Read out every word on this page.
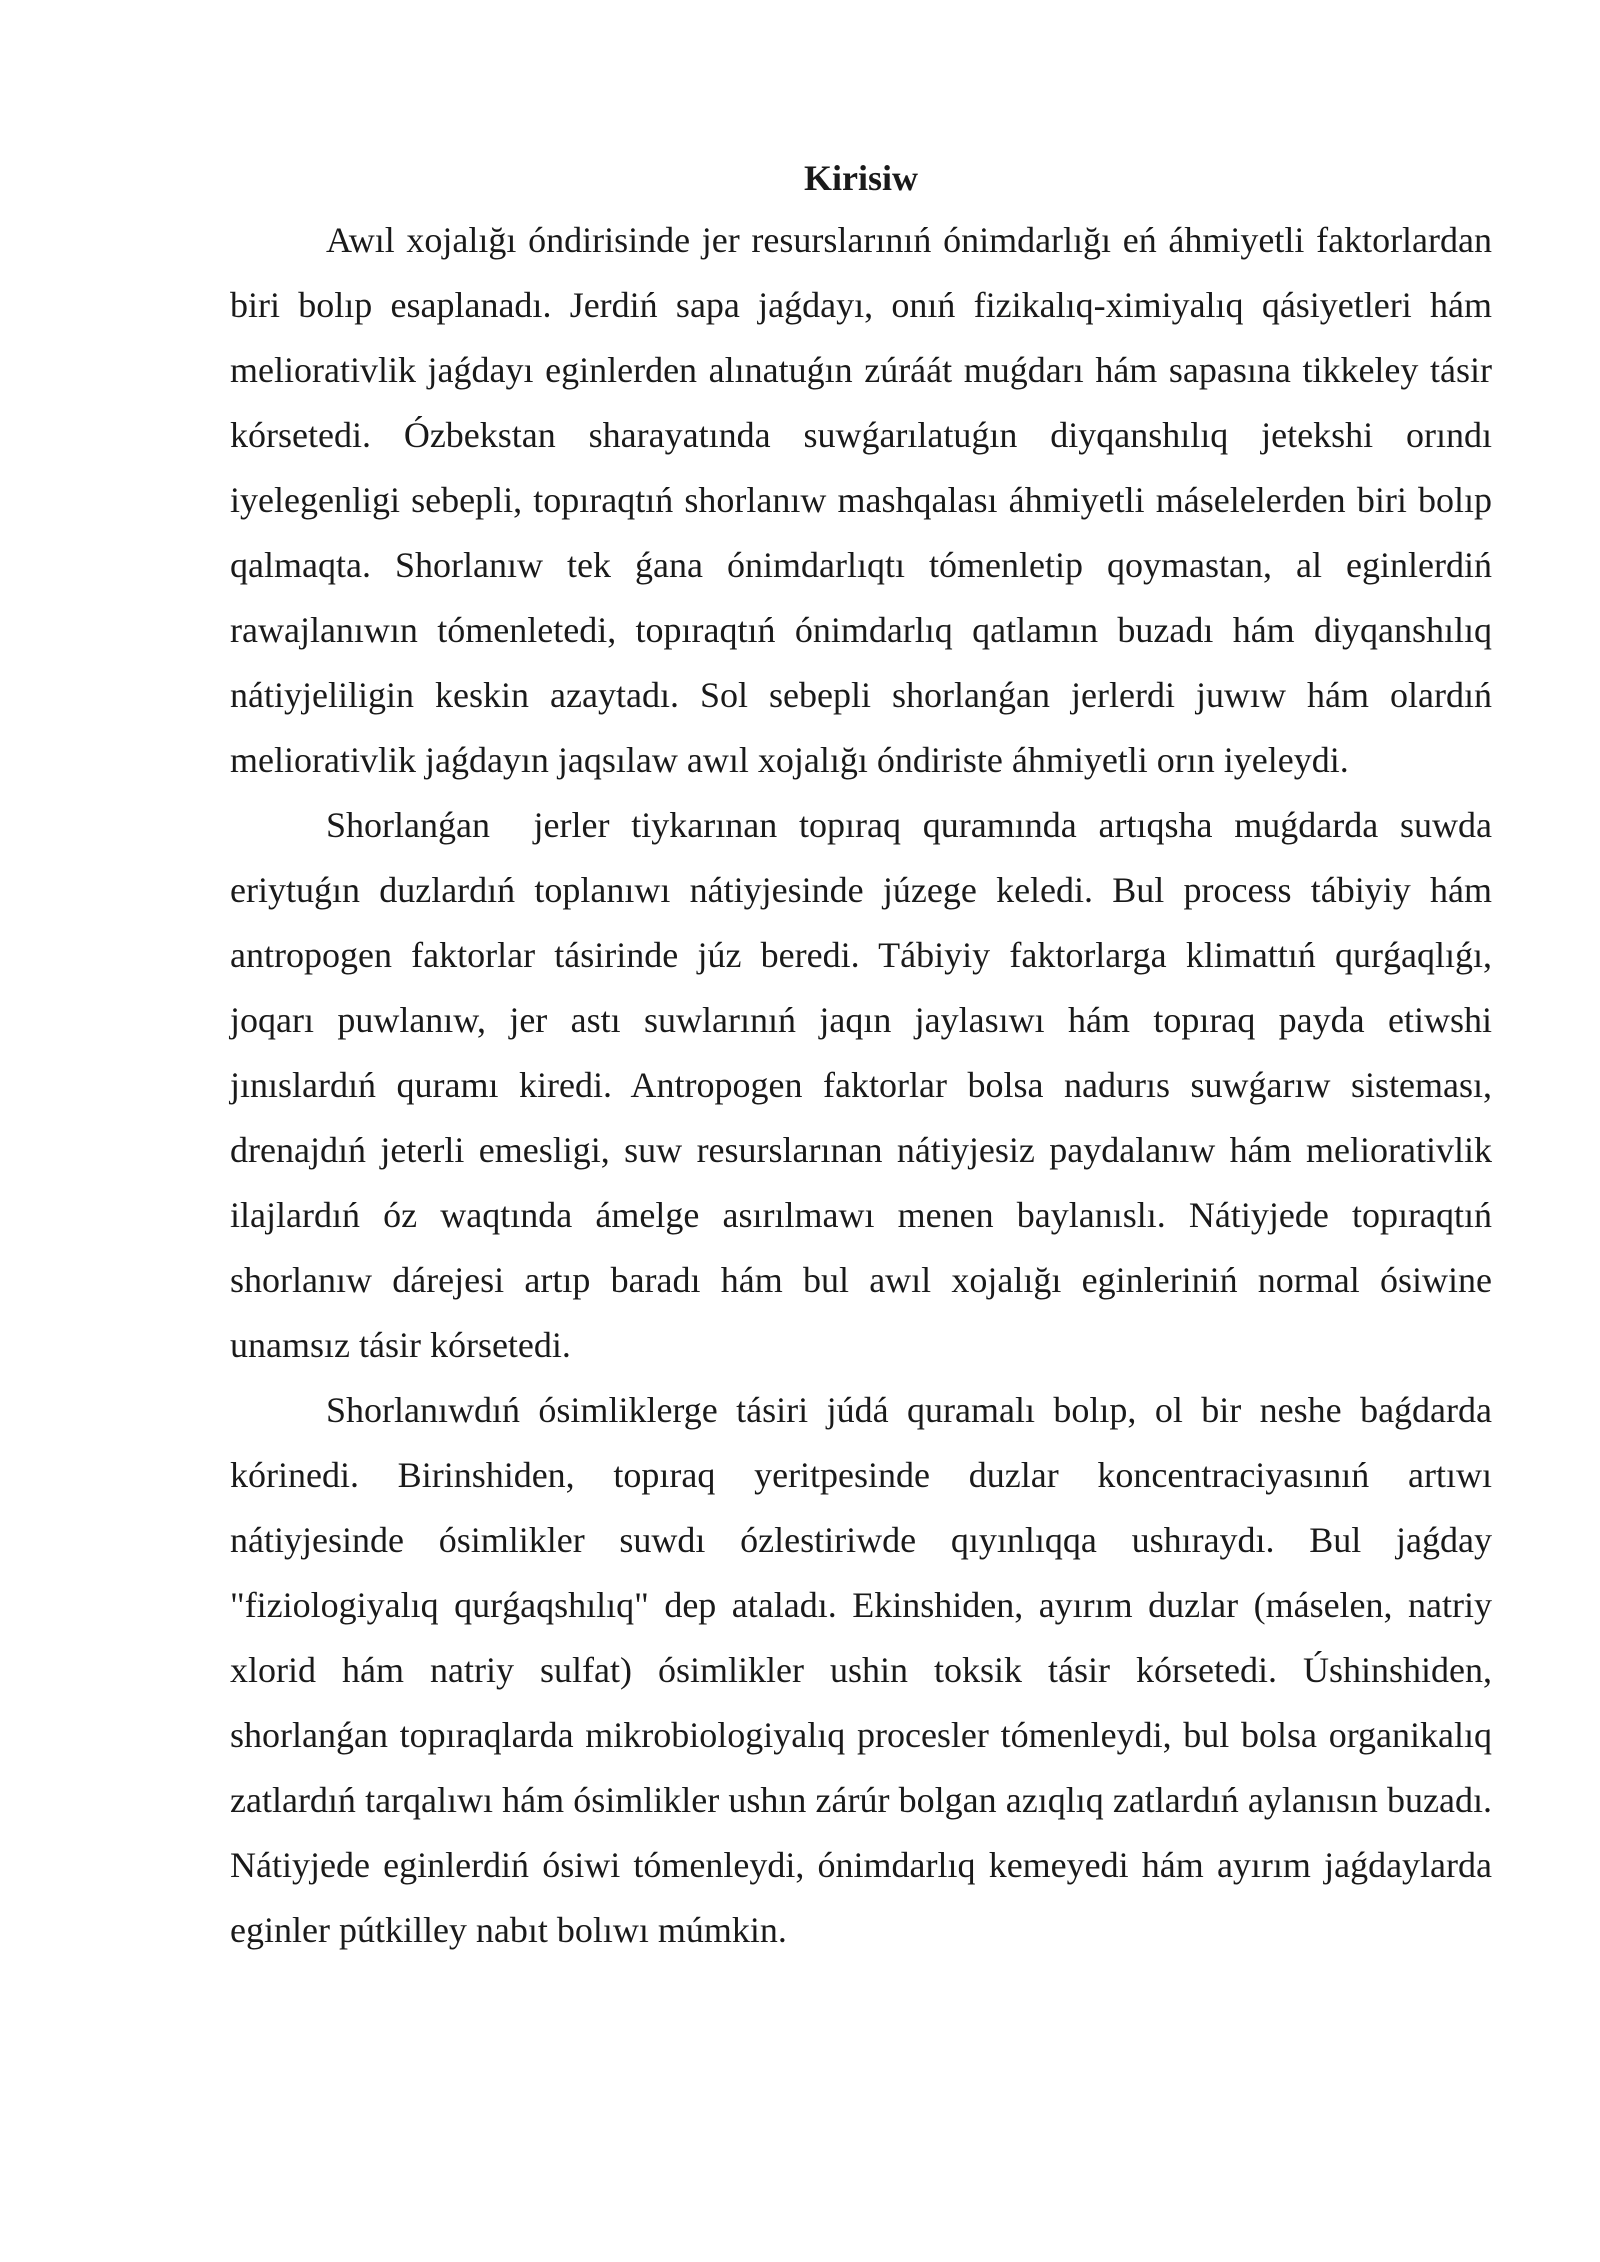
Kirisiw

Awıl xojalığı óndirisinde jer resurslarınıń ónimdarlığı eń áhmiyetli faktorlardan biri bolıp esaplanadı. Jerdiń sapa jaǵdayı, onıń fizikalıq-ximiyalıq qásiyetleri hám meliorativlik jaǵdayı eginlerden alınatuǵın zúráát muǵdarı hám sapasına tikkeley tásir kórsetedi. Ózbekstan sharayatında suwǵarılatuǵın diyqanshılıq jetekshi orındı iyelegenligi sebepli, topıraqtıń shorlanıw mashqalası áhmiyetli máselelerden biri bolıp qalmaqta. Shorlanıw tek ǵana ónimdarlıqtı tómenletip qoymastan, al eginlerdiń rawajlanıwın tómenletedi, topıraqtıń ónimdarlıq qatlamın buzadı hám diyqanshılıq nátiyjeliligin keskin azaytadı. Sol sebepli shorlanǵan jerlerdi juwıw hám olardıń meliorativlik jaǵdayın jaqsılaw awıl xojalığı óndiriste áhmiyetli orın iyeleydi.

Shorlanǵan  jerler tiykarınan topıraq quramında artıqsha muǵdarda suwda eriytuǵın duzlardıń toplanıwı nátiyjesinde júzege keledi. Bul process tábiyiy hám antropogen faktorlar tásirinde júz beredi. Tábiyiy faktorlarga klimattıń qurǵaqlıǵı, joqarı puwlanıw, jer astı suwlarınıń jaqın jaylasıwı hám topıraq payda etiwshi jınıslardıń quramı kiredi. Antropogen faktorlar bolsa nadurıs suwǵarıw sisteması, drenajdıń jeterli emesligi, suw resurslarınan nátiyjesiz paydalanıw hám meliorativlik ilajlardıń óz waqtında ámelge asırılmawı menen baylanıslı. Nátiyjede topıraqtıń shorlanıw dárejesi artıp baradı hám bul awıl xojalığı eginleriniń normal ósiwine unamsız tásir kórsetedi.

Shorlanıwdıń ósimliklerge tásiri júdá quramalı bolıp, ol bir neshe baǵdarda kórinedi. Birinshiden, topıraq yeritpesinde duzlar koncentraciyasınıń artıwı nátiyjesinde ósimlikler suwdı ózlestiriwde qıyınlıqqa ushıraydı. Bul jaǵday "fiziologiyalıq qurǵaqshılıq" dep ataladı. Ekinshiden, ayırım duzlar (máselen, natriy xlorid hám natriy sulfat) ósimlikler ushin toksik tásir kórsetedi. Úshinshiden, shorlanǵan topıraqlarda mikrobiologiyalıq procesler tómenleydi, bul bolsa organikalıq zatlardıń tarqalıwı hám ósimlikler ushın zárúr bolgan azıqlıq zatlardıń aylanısın buzadı. Nátiyjede eginlerdiń ósiwi tómenleydi, ónimdarlıq kemeyedi hám ayırım jaǵdaylarda eginler pútkilley nabıt bolıwı múmkin.
